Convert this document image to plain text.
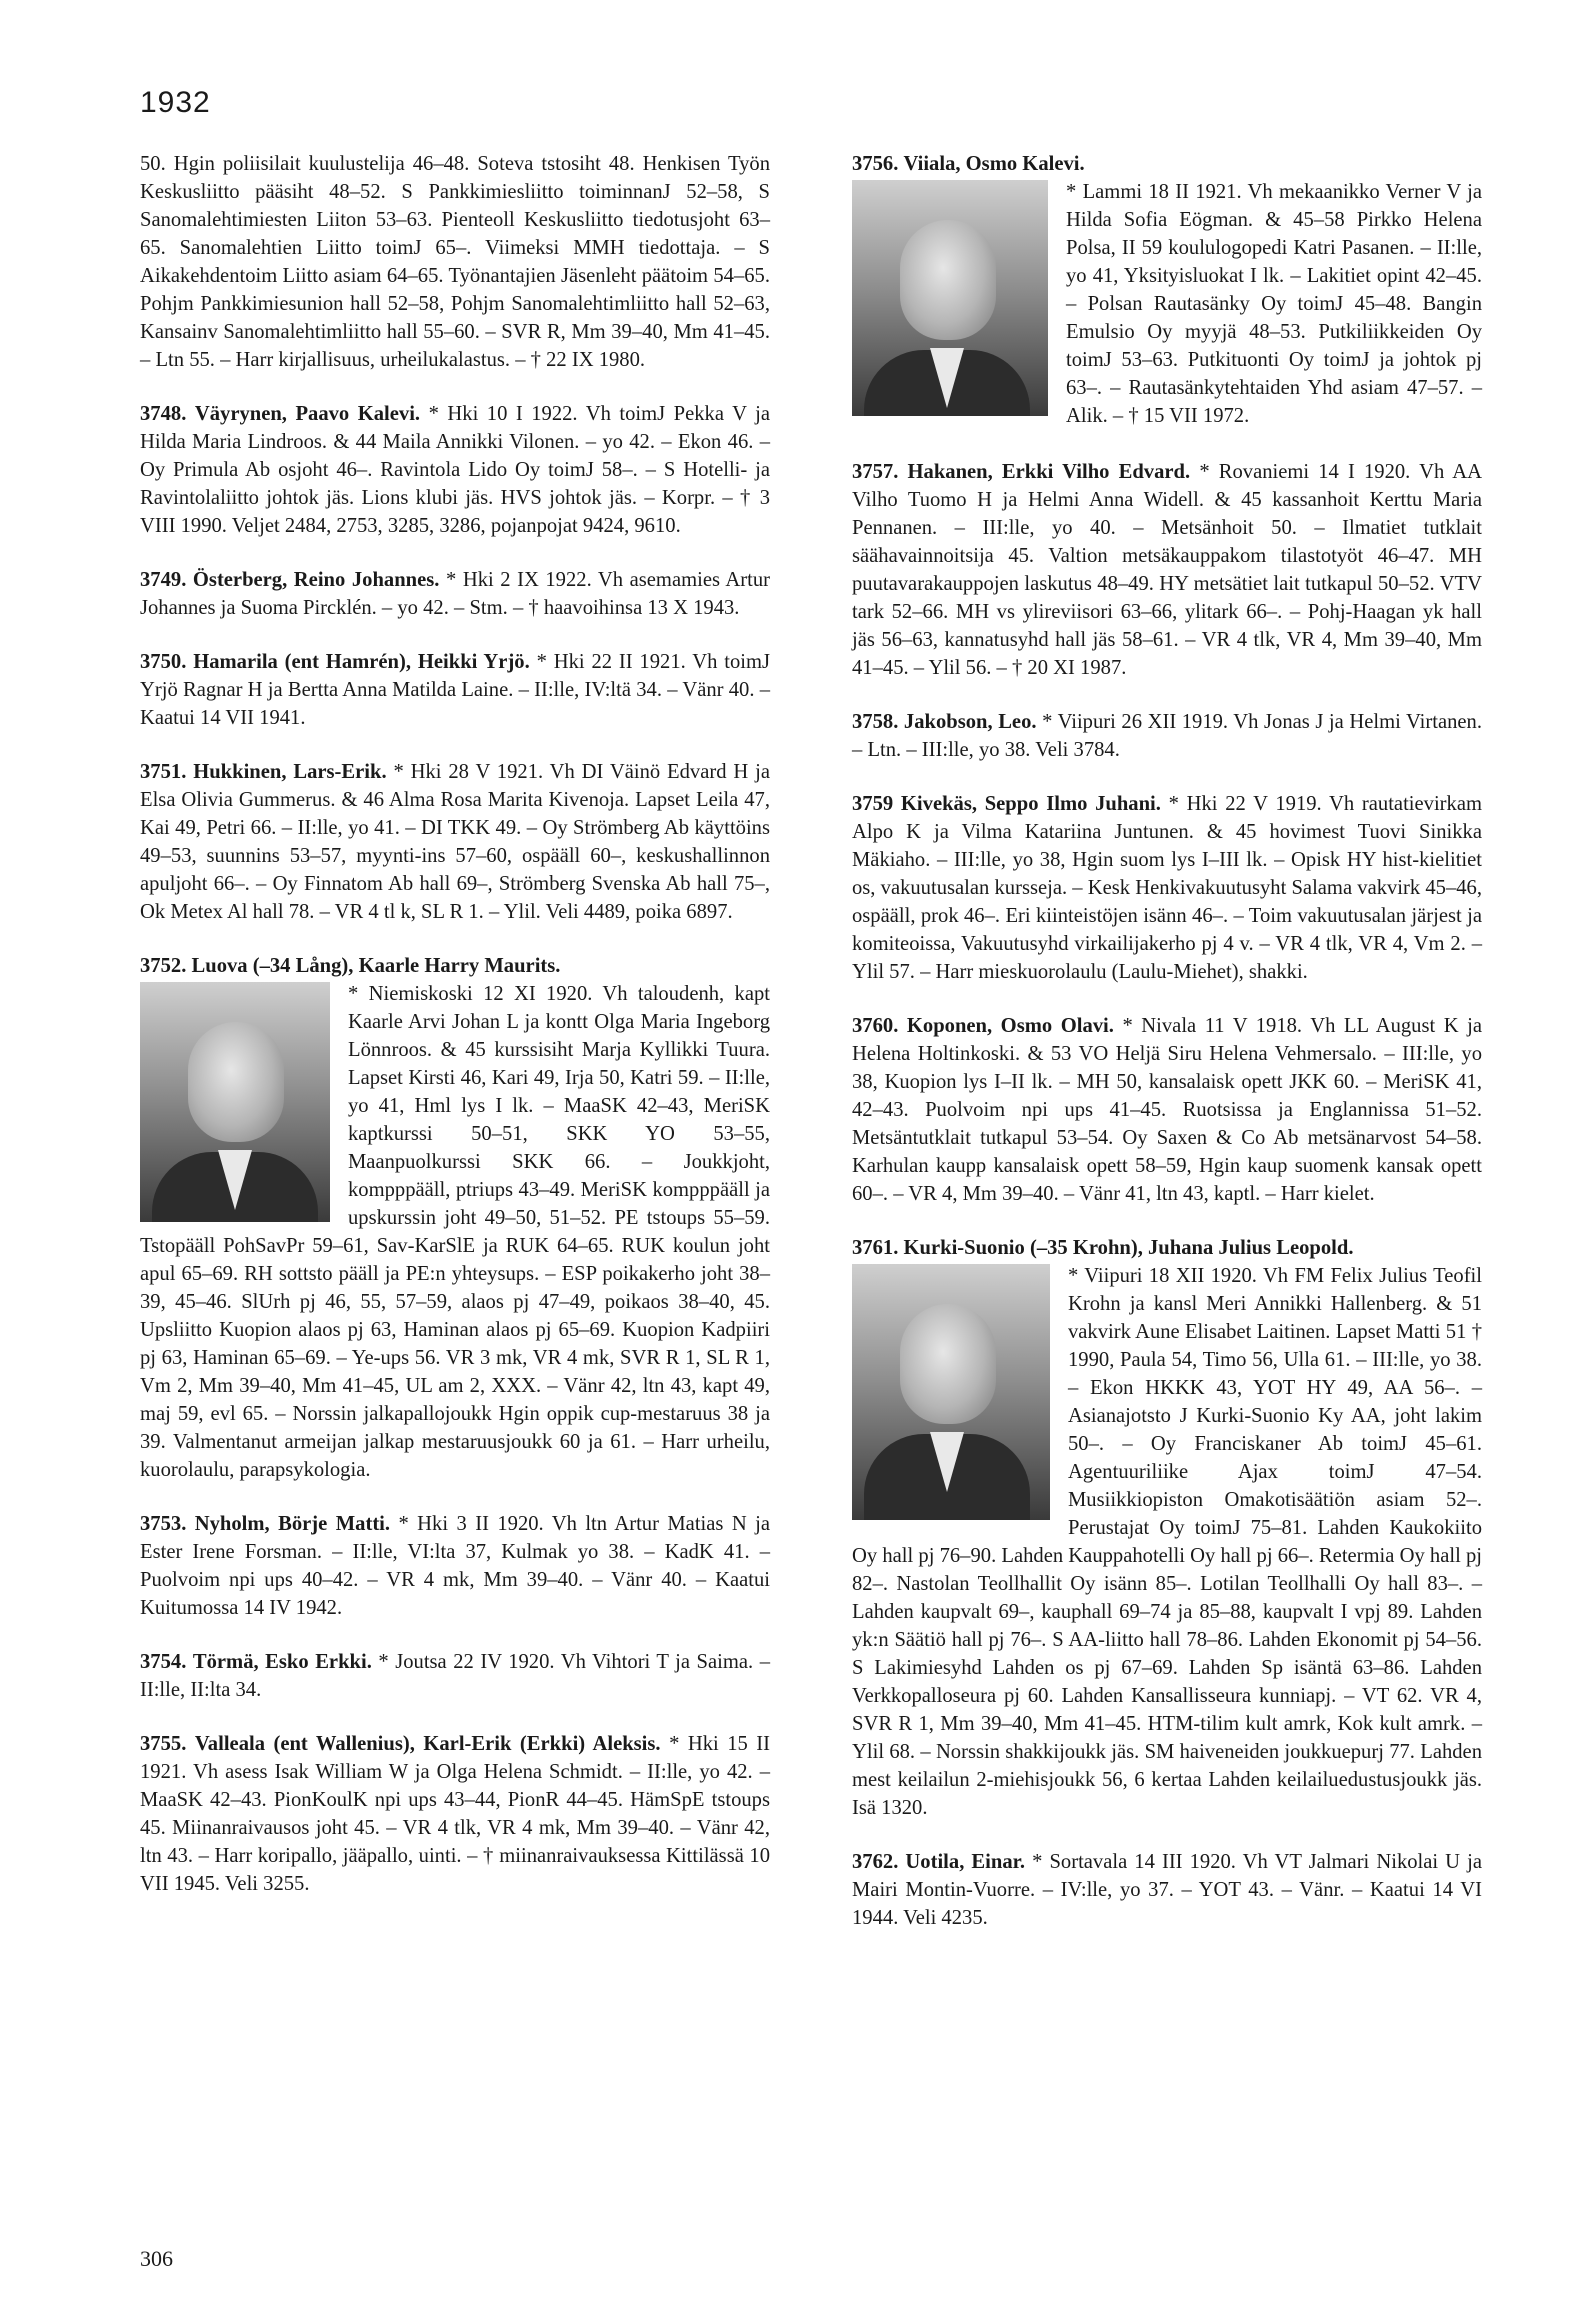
1932

50. Hgin poliisilait kuulustelija 46–48. Soteva tstosiht 48. Henkisen Työn Keskusliitto pääsiht 48–52. S Pankkimiesliitto toiminnanJ 52–58, S Sanomalehtimiesten Liiton 53–63. Pienteoll Keskusliitto tiedotusjoht 63–65. Sanomalehtien Liitto toimJ 65–. Viimeksi MMH tiedottaja. – S Aikakehdentoim Liitto asiam 64–65. Työnantajien Jäsenleht päätoim 54–65. Pohjm Pankkimiesunion hall 52–58, Pohjm Sanomalehtimliitto hall 52–63, Kansainv Sanomalehtimliitto hall 55–60. – SVR R, Mm 39–40, Mm 41–45. – Ltn 55. – Harr kirjallisuus, urheilukalastus. – † 22 IX 1980.

3748. Väyrynen, Paavo Kalevi. * Hki 10 I 1922. Vh toimJ Pekka V ja Hilda Maria Lindroos. & 44 Maila Annikki Vilonen. – yo 42. – Ekon 46. – Oy Primula Ab osjoht 46–. Ravintola Lido Oy toimJ 58–. – S Hotelli- ja Ravintolaliitto johtok jäs. Lions klubi jäs. HVS johtok jäs. – Korpr. – † 3 VIII 1990. Veljet 2484, 2753, 3285, 3286, pojanpojat 9424, 9610.

3749. Österberg, Reino Johannes. * Hki 2 IX 1922. Vh asemamies Artur Johannes ja Suoma Pircklén. – yo 42. – Stm. – † haavoihinsa 13 X 1943.

3750. Hamarila (ent Hamrén), Heikki Yrjö. * Hki 22 II 1921. Vh toimJ Yrjö Ragnar H ja Bertta Anna Matilda Laine. – II:lle, IV:ltä 34. – Vänr 40. – Kaatui 14 VII 1941.

3751. Hukkinen, Lars-Erik. * Hki 28 V 1921. Vh DI Väinö Edvard H ja Elsa Olivia Gummerus. & 46 Alma Rosa Marita Kivenoja. Lapset Leila 47, Kai 49, Petri 66. – II:lle, yo 41. – DI TKK 49. – Oy Strömberg Ab käyttöins 49–53, suunnins 53–57, myynti-ins 57–60, ospääll 60–, keskushallinnon apuljoht 66–. – Oy Finnatom Ab hall 69–, Strömberg Svenska Ab hall 75–, Ok Metex Al hall 78. – VR 4 tl k, SL R 1. – Ylil. Veli 4489, poika 6897.

3752. Luova (–34 Lång), Kaarle Harry Maurits.

* Niemiskoski 12 XI 1920. Vh taloudenh, kapt Kaarle Arvi Johan L ja kontt Olga Maria Ingeborg Lönnroos. & 45 kurssisiht Marja Kyllikki Tuura. Lapset Kirsti 46, Kari 49, Irja 50, Katri 59. – II:lle, yo 41, Hml lys I lk. – MaaSK 42–43, MeriSK kaptkurssi 50–51, SKK YO 53–55, Maanpuolkurssi SKK 66. – Joukkjoht, kompppääll, ptriups 43–49. MeriSK kompppääll ja upskurssin joht 49–50, 51–52. PE tstoups 55–59. Tstopääll PohSavPr 59–61, Sav-KarSlE ja RUK 64–65. RUK koulun joht apul 65–69. RH sottsto pääll ja PE:n yhteysups. – ESP poikakerho joht 38–39, 45–46. SlUrh pj 46, 55, 57–59, alaos pj 47–49, poikaos 38–40, 45. Upsliitto Kuopion alaos pj 63, Haminan alaos pj 65–69. Kuopion Kadpiiri pj 63, Haminan 65–69. – Ye-ups 56. VR 3 mk, VR 4 mk, SVR R 1, SL R 1, Vm 2, Mm 39–40, Mm 41–45, UL am 2, XXX. – Vänr 42, ltn 43, kapt 49, maj 59, evl 65. – Norssin jalkapallojoukk Hgin oppik cup-mestaruus 38 ja 39. Valmentanut armeijan jalkap mestaruusjoukk 60 ja 61. – Harr urheilu, kuorolaulu, parapsykologia.

3753. Nyholm, Börje Matti. * Hki 3 II 1920. Vh ltn Artur Matias N ja Ester Irene Forsman. – II:lle, VI:lta 37, Kulmak yo 38. – KadK 41. – Puolvoim npi ups 40–42. – VR 4 mk, Mm 39–40. – Vänr 40. – Kaatui Kuitumossa 14 IV 1942.

3754. Törmä, Esko Erkki. * Joutsa 22 IV 1920. Vh Vihtori T ja Saima. – II:lle, II:lta 34.

3755. Valleala (ent Wallenius), Karl-Erik (Erkki) Aleksis. * Hki 15 II 1921. Vh asess Isak William W ja Olga Helena Schmidt. – II:lle, yo 42. – MaaSK 42–43. PionKoulK npi ups 43–44, PionR 44–45. HämSpE tstoups 45. Miinanraivausos joht 45. – VR 4 tlk, VR 4 mk, Mm 39–40. – Vänr 42, ltn 43. – Harr koripallo, jääpallo, uinti. – † miinanraivauksessa Kittilässä 10 VII 1945. Veli 3255.

3756. Viiala, Osmo Kalevi.

* Lammi 18 II 1921. Vh mekaanikko Verner V ja Hilda Sofia Eögman. & 45–58 Pirkko Helena Polsa, II 59 koululogopedi Katri Pasanen. – II:lle, yo 41, Yksityisluokat I lk. – Lakitiet opint 42–45. – Polsan Rautasänky Oy toimJ 45–48. Bangin Emulsio Oy myyjä 48–53. Putkiliikkeiden Oy toimJ 53–63. Putkituonti Oy toimJ ja johtok pj 63–. – Rautasänkytehtaiden Yhd asiam 47–57. – Alik. – † 15 VII 1972.

3757. Hakanen, Erkki Vilho Edvard. * Rovaniemi 14 I 1920. Vh AA Vilho Tuomo H ja Helmi Anna Widell. & 45 kassanhoit Kerttu Maria Pennanen. – III:lle, yo 40. – Metsänhoit 50. – Ilmatiet tutklait säähavainnoitsija 45. Valtion metsäkauppakom tilastotyöt 46–47. MH puutavarakauppojen laskutus 48–49. HY metsätiet lait tutkapul 50–52. VTV tark 52–66. MH vs ylireviisori 63–66, ylitark 66–. – Pohj-Haagan yk hall jäs 56–63, kannatusyhd hall jäs 58–61. – VR 4 tlk, VR 4, Mm 39–40, Mm 41–45. – Ylil 56. – † 20 XI 1987.

3758. Jakobson, Leo. * Viipuri 26 XII 1919. Vh Jonas J ja Helmi Virtanen. – Ltn. – III:lle, yo 38. Veli 3784.

3759 Kivekäs, Seppo Ilmo Juhani. * Hki 22 V 1919. Vh rautatievirkam Alpo K ja Vilma Katariina Juntunen. & 45 hovimest Tuovi Sinikka Mäkiaho. – III:lle, yo 38, Hgin suom lys I–III lk. – Opisk HY hist-kielitiet os, vakuutusalan kursseja. – Kesk Henkivakuutusyht Salama vakvirk 45–46, ospääll, prok 46–. Eri kiinteistöjen isänn 46–. – Toim vakuutusalan järjest ja komiteoissa, Vakuutusyhd virkailijakerho pj 4 v. – VR 4 tlk, VR 4, Vm 2. – Ylil 57. – Harr mieskuorolaulu (Laulu-Miehet), shakki.

3760. Koponen, Osmo Olavi. * Nivala 11 V 1918. Vh LL August K ja Helena Holtinkoski. & 53 VO Heljä Siru Helena Vehmersalo. – III:lle, yo 38, Kuopion lys I–II lk. – MH 50, kansalaisk opett JKK 60. – MeriSK 41, 42–43. Puolvoim npi ups 41–45. Ruotsissa ja Englannissa 51–52. Metsäntutklait tutkapul 53–54. Oy Saxen & Co Ab metsänarvost 54–58. Karhulan kaupp kansalaisk opett 58–59, Hgin kaup suomenk kansak opett 60–. – VR 4, Mm 39–40. – Vänr 41, ltn 43, kaptl. – Harr kielet.

3761. Kurki-Suonio (–35 Krohn), Juhana Julius Leopold.

* Viipuri 18 XII 1920. Vh FM Felix Julius Teofil Krohn ja kansl Meri Annikki Hallenberg. & 51 vakvirk Aune Elisabet Laitinen. Lapset Matti 51 † 1990, Paula 54, Timo 56, Ulla 61. – III:lle, yo 38. – Ekon HKKK 43, YOT HY 49, AA 56–. – Asianajotsto J Kurki-Suonio Ky AA, joht lakim 50–. – Oy Franciskaner Ab toimJ 45–61. Agentuuriliike Ajax toimJ 47–54. Musiikkiopiston Omakotisäätiön asiam 52–. Perustajat Oy toimJ 75–81. Lahden Kaukokiito Oy hall pj 76–90. Lahden Kauppahotelli Oy hall pj 66–. Retermia Oy hall pj 82–. Nastolan Teollhallit Oy isänn 85–. Lotilan Teollhalli Oy hall 83–. – Lahden kaupvalt 69–, kauphall 69–74 ja 85–88, kaupvalt I vpj 89. Lahden yk:n Säätiö hall pj 76–. S AA-liitto hall 78–86. Lahden Ekonomit pj 54–56. S Lakimiesyhd Lahden os pj 67–69. Lahden Sp isäntä 63–86. Lahden Verkkopalloseura pj 60. Lahden Kansallisseura kunniapj. – VT 62. VR 4, SVR R 1, Mm 39–40, Mm 41–45. HTM-tilim kult amrk, Kok kult amrk. – Ylil 68. – Norssin shakkijoukk jäs. SM haiveneiden joukkuepurj 77. Lahden mest keilailun 2-miehisjoukk 56, 6 kertaa Lahden keilailuedustusjoukk jäs. Isä 1320.

3762. Uotila, Einar. * Sortavala 14 III 1920. Vh VT Jalmari Nikolai U ja Mairi Montin-Vuorre. – IV:lle, yo 37. – YOT 43. – Vänr. – Kaatui 14 VI 1944. Veli 4235.

306
